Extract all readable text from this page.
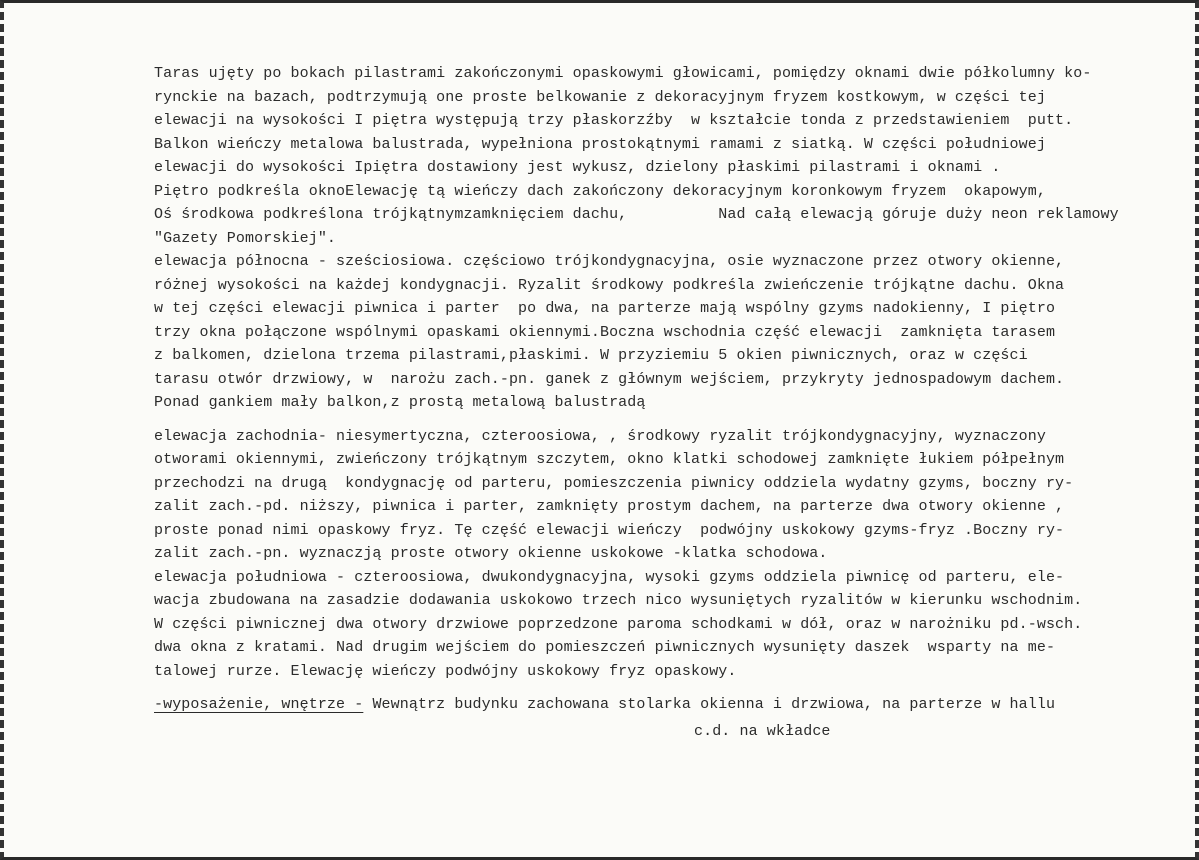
Taras ujęty po bokach pilastrami zakończonymi opaskowymi głowicami, pomiędzy oknami dwie półkolumny ko-
rynckie na bazach, podtrzymują one proste belkowanie z dekoracyjnym fryzem kostkowym, w części tej
elewacji na wysokości I piętra występują trzy płaskorzźby  w kształcie tonda z przedstawieniem  putt.
Balkon wieńczy metalowa balustrada, wypełniona prostokątnymi ramami z siatką. W części południowej
elewacji do wysokości Ipiętra dostawiony jest wykusz, dzielony płaskimi pilastrami i oknami .
Piętro podkreśla oknoElewację tą wieńczy dach zakończony dekoracyjnym koronkowym fryzem  okapowym,
Oś środkowa podkreślona trójkątnymzamknięciem dachu,          Nad całą elewacją góruje duży neon reklamowy
"Gazety Pomorskiej".
elewacja północna - sześciosiowa. częściowo trójkondygnacyjna, osie wyznaczone przez otwory okienne,
różnej wysokości na każdej kondygnacji. Ryzalit środkowy podkreśla zwieńczenie trójkątne dachu. Okna
w tej części elewacji piwnica i parter  po dwa, na parterze mają wspólny gzyms nadokienny, I piętro
trzy okna połączone wspólnymi opaskami okiennymi.Boczna wschodnia część elewacji  zamknięta tarasem
z balkomen, dzielona trzema pilastrami,płaskimi. W przyziemiu 5 okien piwnicznych, oraz w części
tarasu otwór drzwiowy, w  narożu zach.-pn. ganek z głównym wejściem, przykryty jednospadowym dachem.
Ponad gankiem mały balkon,z prostą metalową balustradą
elewacja zachodnia- niesymertyczna, czteroosiowa, , środkowy ryzalit trójkondygnacyjny, wyznaczony
otworami okiennymi, zwieńczony trójkątnym szczytem, okno klatki schodowej zamknięte łukiem półpełnym
przechodzi na drugą  kondygnację od parteru, pomieszczenia piwnicy oddziela wydatny gzyms, boczny ry-
zalit zach.-pd. niższy, piwnica i parter, zamknięty prostym dachem, na parterze dwa otwory okienne ,
proste ponad nimi opaskowy fryz. Tę część elewacji wieńczy  podwójny uskokowy gzyms-fryz .Boczny ry-
zalit zach.-pn. wyznaczją proste otwory okienne uskokowe -klatka schodowa.
elewacja południowa - czteroosiowa, dwukondygnacyjna, wysoki gzyms oddziela piwnicę od parteru, ele-
wacja zbudowana na zasadzie dodawania uskokowo trzech nico wysuniętych ryzalitów w kierunku wschodnim.
W części piwnicznej dwa otwory drzwiowe poprzedzone paroma schodkami w dół, oraz w narożniku pd.-wsch.
dwa okna z kratami. Nad drugim wejściem do pomieszczeń piwnicznych wysunięty daszek  wsparty na me-
talowej rurze. Elewację wieńczy podwójny uskokowy fryz opaskowy.
-wyposażenie, wnętrze - Wewnątrz budynku zachowana stolarka okienna i drzwiowa, na parterze w hallu
c.d. na wkładce
